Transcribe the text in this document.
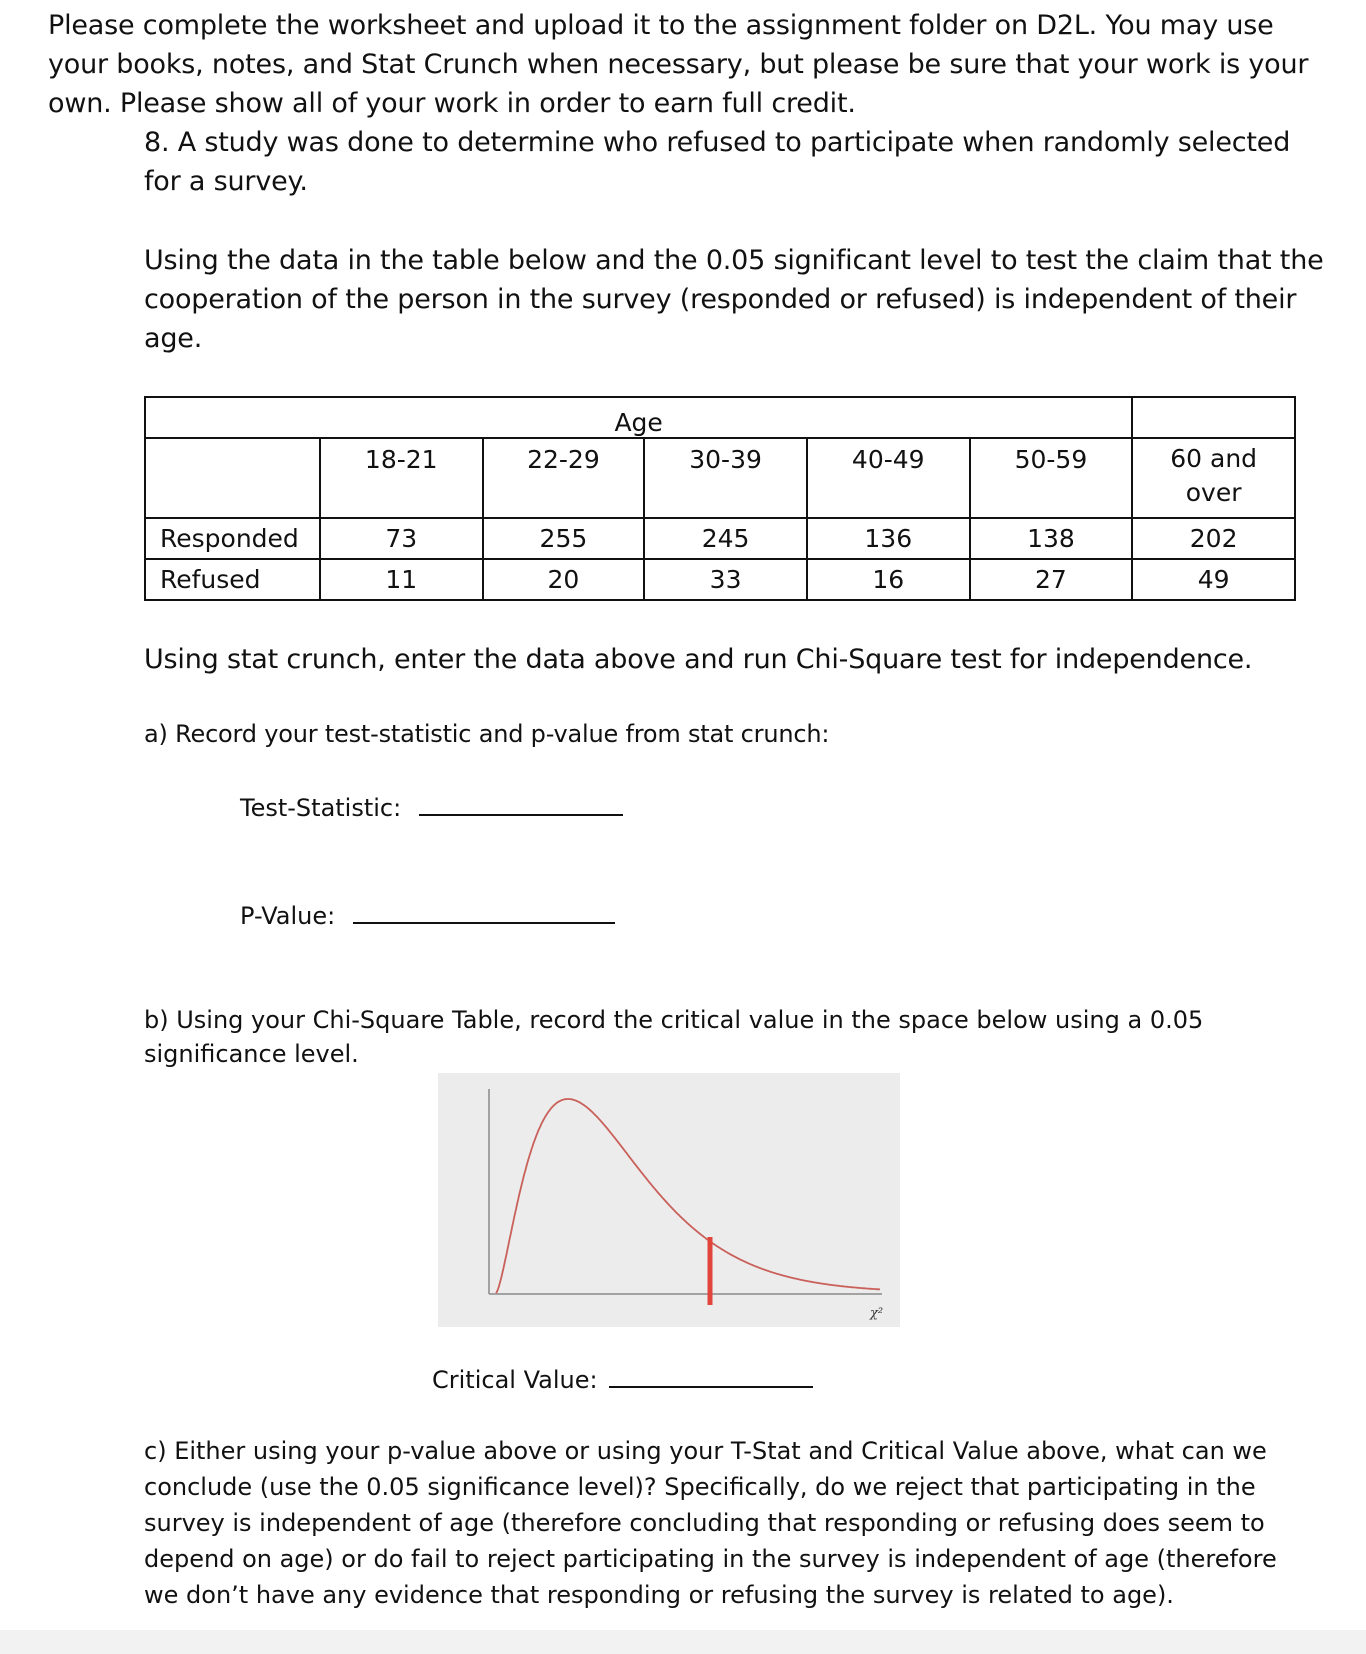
Please complete the worksheet and upload it to the assignment folder on D2L. You may use

your books, notes, and Stat Crunch when necessary, but please be sure that your work is your

own. Please show all of your work in order to earn full credit.

8. A study was done to determine who refused to participate when randomly selected

for a survey.

Using the data in the table below and the 0.05 significant level to test the claim that the

cooperation of the person in the survey (responded or refused) is independent of their

age.

Age						
	18-21	22-29	30-39	40-49	50-59	60 and
						over
Responded	73	255	245	136	138	202
Refused	11	20	33	16	27	49

Using stat crunch, enter the data above and run Chi-Square test for independence.

a) Record your test-statistic and p-value from stat crunch:

Test-Statistic:
P-Value:
b) Using your Chi-Square Table, record the critical value in the space below using a 0.05
significance level.
χ²
Critical Value:
c) Either using your p-value above or using your T-Stat and Critical Value above, what can we
conclude (use the 0.05 significance level)? Specifically, do we reject that participating in the
survey is independent of age (therefore concluding that responding or refusing does seem to
depend on age) or do fail to reject participating in the survey is independent of age (therefore
we don’t have any evidence that responding or refusing the survey is related to age).
